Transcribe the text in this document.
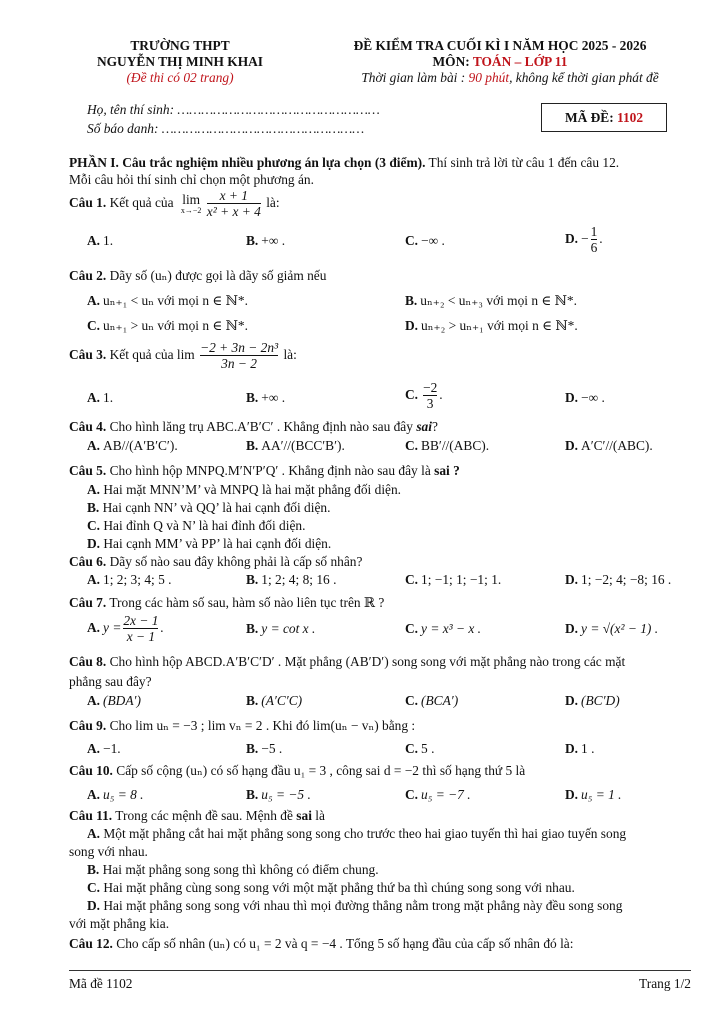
TRƯỜNG THPT
NGUYỄN THỊ MINH KHAI
(Đề thi có 02 trang)
ĐỀ KIỂM TRA CUỐI KÌ I NĂM HỌC 2025 - 2026
MÔN: TOÁN – LỚP 11
Thời gian làm bài : 90 phút, không kể thời gian phát đề
Họ, tên thí sinh: ……………………………………………
Số báo danh: ……………………………………………
MÃ ĐỀ: 1102
PHẦN I. Câu trắc nghiệm nhiều phương án lựa chọn (3 điểm). Thí sinh trả lời từ câu 1 đến câu 12.
Mỗi câu hỏi thí sinh chỉ chọn một phương án.
Câu 1. Kết quả của lim
x→−2
$\frac{x + 1}{\text{x² + x + 4}}$ là:
A. 1.	B. +∞ .	C. −∞ .	D. − $\frac{1}{6}$ .
Câu 2. Dãy số (uₙ) được gọi là dãy số giảm nếu
A. uₙ₊₁ < uₙ với mọi n ∈ ℕ*.	B. uₙ₊₂ < uₙ₊₃ với mọi n ∈ ℕ*.
C. uₙ₊₁ > uₙ với mọi n ∈ ℕ*.	D. uₙ₊₂ > uₙ₊₁ với mọi n ∈ ℕ*.
Câu 3. Kết quả của $\lim \frac{\text{−2 + 3n − 2n³}}{3n - 2}$ là:
A. 1.	B. +∞ .	C. $\frac{-2}{3}$ .	D. −∞ .
Câu 4. Cho hình lăng trụ ABC.A′B′C′ . Khẳng định nào sau đây sai?
A. AB//(A′B′C′).	B. AA′//(BCC′B′).	C. BB′//(ABC).	D. A′C′//(ABC).
Câu 5. Cho hình hộp MNPQ.M′N′P′Q′ . Khẳng định nào sau đây là sai ?
A. Hai mặt MNN’M’ và MNPQ là hai mặt phẳng đối diện.
B. Hai cạnh NN’ và QQ’ là hai cạnh đối diện.
C. Hai đỉnh Q và N’ là hai đỉnh đối diện.
D. Hai cạnh MM’ và PP’ là hai cạnh đối diện.
Câu 6. Dãy số nào sau đây không phải là cấp số nhân?
A. 1; 2; 3; 4; 5 .	B. 1; 2; 4; 8; 16 .	C. 1; −1; 1; −1; 1.	D. 1; −2; 4; −8; 16 .
Câu 7. Trong các hàm số sau, hàm số nào liên tục trên ℝ ?
A. $y = \frac{2x - 1}{x - 1}$ .	B. y = cot x .	C. y = x³ − x .	D. y = √(x² − 1) .
Câu 8. Cho hình hộp ABCD.A′B′C′D′ . Mặt phẳng (AB′D′) song song với mặt phẳng nào trong các mặt
phẳng sau đây?
A. (BDA′)	B. (A′C′C)	C. (BCA′)	D. (BC′D)
Câu 9. Cho lim uₙ = −3 ; lim vₙ = 2 . Khi đó lim(uₙ − vₙ) bằng :
A. −1.	B. −5 .	C. 5 .	D. 1 .
Câu 10. Cấp số cộng (uₙ) có số hạng đầu u₁ = 3 , công sai d = −2 thì số hạng thứ 5 là
A. u₅ = 8 .	B. u₅ = −5 .	C. u₅ = −7 .	D. u₅ = 1 .
Câu 11. Trong các mệnh đề sau. Mệnh đề sai là
A. Một mặt phẳng cắt hai mặt phẳng song song cho trước theo hai giao tuyến thì hai giao tuyến song
song với nhau.
B. Hai mặt phẳng song song thì không có điểm chung.
C. Hai mặt phẳng cùng song song với một mặt phẳng thứ ba thì chúng song song với nhau.
D. Hai mặt phẳng song song với nhau thì mọi đường thẳng nằm trong mặt phẳng này đều song song
với mặt phẳng kia.
Câu 12. Cho cấp số nhân (uₙ) có u₁ = 2 và q = −4 . Tổng 5 số hạng đầu của cấp số nhân đó là:
Mã đề 1102	Trang 1/2
